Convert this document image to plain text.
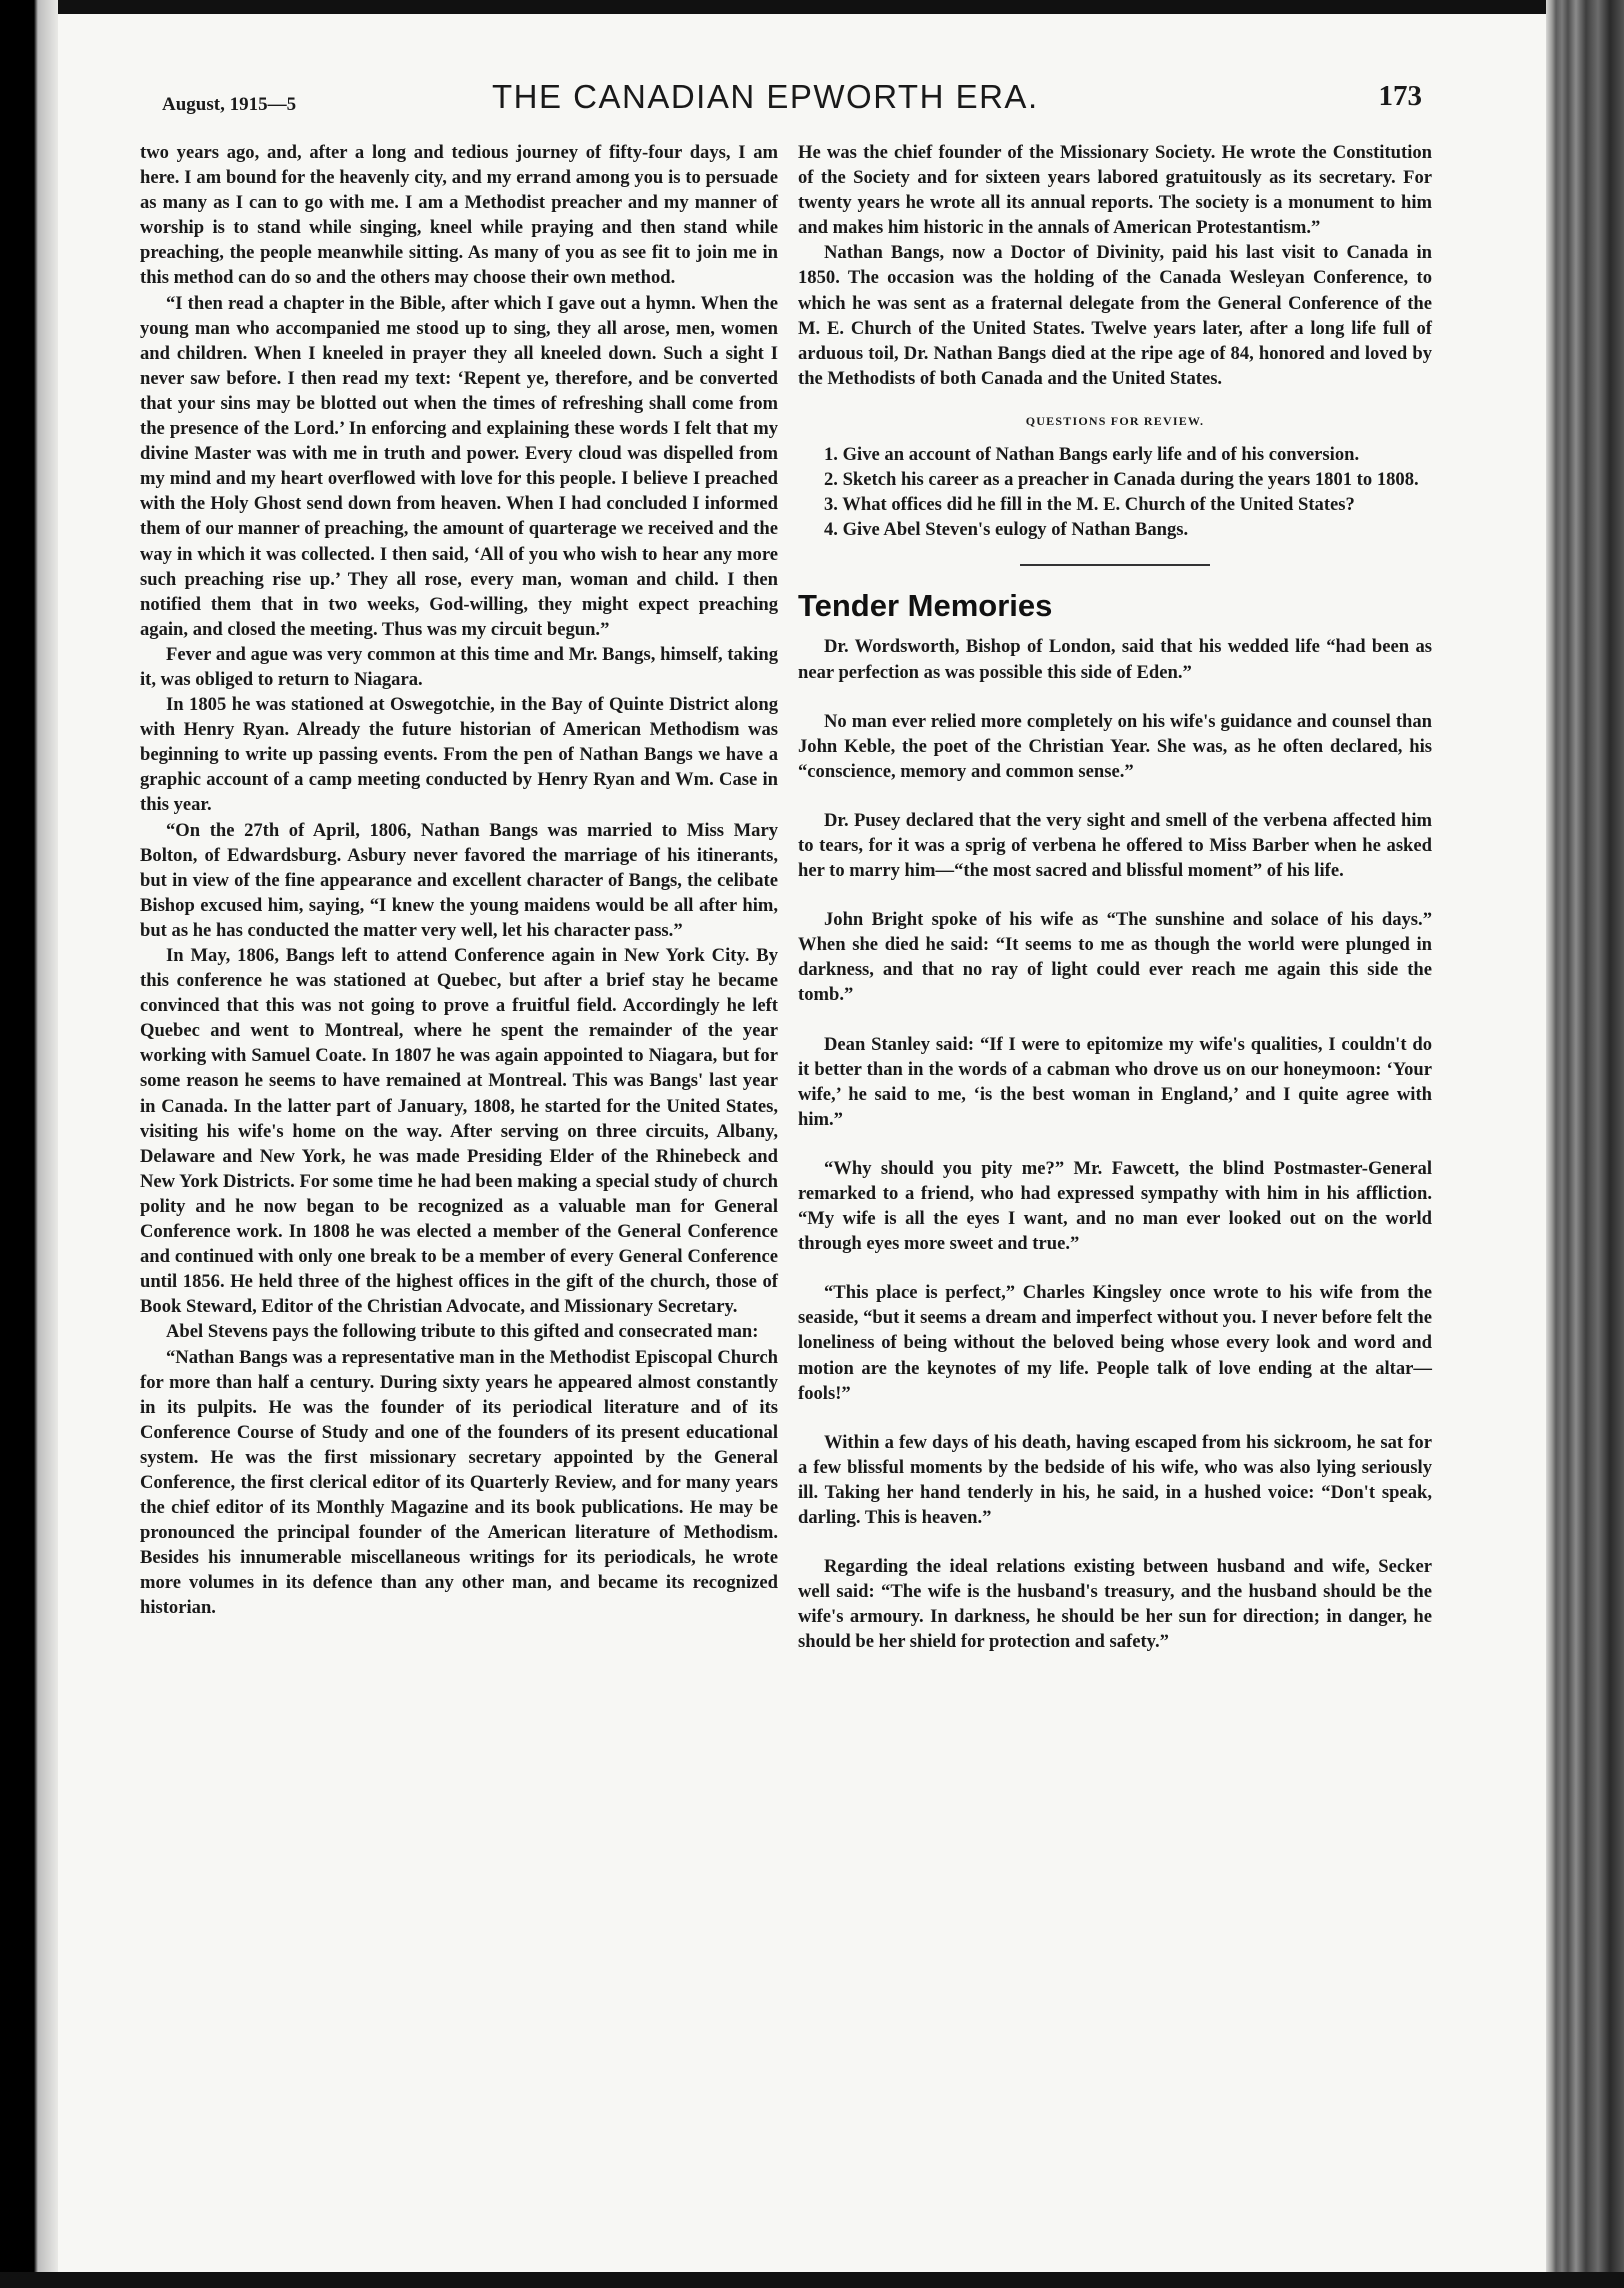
August, 1915—5	THE CANADIAN EPWORTH ERA.	173

two years ago, and, after a long and tedious journey of fifty-four days, I am here. I am bound for the heavenly city, and my errand among you is to persuade as many as I can to go with me. I am a Methodist preacher and my manner of worship is to stand while singing, kneel while praying and then stand while preaching, the people meanwhile sitting. As many of you as see fit to join me in this method can do so and the others may choose their own method.

“I then read a chapter in the Bible, after which I gave out a hymn. When the young man who accompanied me stood up to sing, they all arose, men, women and children. When I kneeled in prayer they all kneeled down. Such a sight I never saw before. I then read my text: ‘Repent ye, therefore, and be converted that your sins may be blotted out when the times of refreshing shall come from the presence of the Lord.’ In enforcing and explaining these words I felt that my divine Master was with me in truth and power. Every cloud was dispelled from my mind and my heart overflowed with love for this people. I believe I preached with the Holy Ghost send down from heaven. When I had concluded I informed them of our manner of preaching, the amount of quarterage we received and the way in which it was collected. I then said, ‘All of you who wish to hear any more such preaching rise up.’ They all rose, every man, woman and child. I then notified them that in two weeks, God-willing, they might expect preaching again, and closed the meeting. Thus was my circuit begun.”

Fever and ague was very common at this time and Mr. Bangs, himself, taking it, was obliged to return to Niagara.

In 1805 he was stationed at Oswegotchie, in the Bay of Quinte District along with Henry Ryan. Already the future historian of American Methodism was beginning to write up passing events. From the pen of Nathan Bangs we have a graphic account of a camp meeting conducted by Henry Ryan and Wm. Case in this year.

“On the 27th of April, 1806, Nathan Bangs was married to Miss Mary Bolton, of Edwardsburg. Asbury never favored the marriage of his itinerants, but in view of the fine appearance and excellent character of Bangs, the celibate Bishop excused him, saying, “I knew the young maidens would be all after him, but as he has conducted the matter very well, let his character pass.”

In May, 1806, Bangs left to attend Conference again in New York City. By this conference he was stationed at Quebec, but after a brief stay he became convinced that this was not going to prove a fruitful field. Accordingly he left Quebec and went to Montreal, where he spent the remainder of the year working with Samuel Coate. In 1807 he was again appointed to Niagara, but for some reason he seems to have remained at Montreal. This was Bangs' last year in Canada. In the latter part of January, 1808, he started for the United States, visiting his wife's home on the way. After serving on three circuits, Albany, Delaware and New York, he was made Presiding Elder of the Rhinebeck and New York Districts. For some time he had been making a special study of church polity and he now began to be recognized as a valuable man for General Conference work. In 1808 he was elected a member of the General Conference and continued with only one break to be a member of every General Conference until 1856. He held three of the highest offices in the gift of the church, those of Book Steward, Editor of the Christian Advocate, and Missionary Secretary.

Abel Stevens pays the following tribute to this gifted and consecrated man:

“Nathan Bangs was a representative man in the Methodist Episcopal Church for more than half a century. During sixty years he appeared almost constantly in its pulpits. He was the founder of its periodical literature and of its Conference Course of Study and one of the founders of its present educational system. He was the first missionary secretary appointed by the General Conference, the first clerical editor of its Quarterly Review, and for many years the chief editor of its Monthly Magazine and its book publications. He may be pronounced the principal founder of the American literature of Methodism. Besides his innumerable miscellaneous writings for its periodicals, he wrote more volumes in its defence than any other man, and became its recognized historian.

He was the chief founder of the Missionary Society. He wrote the Constitution of the Society and for sixteen years labored gratuitously as its secretary. For twenty years he wrote all its annual reports. The society is a monument to him and makes him historic in the annals of American Protestantism.”

Nathan Bangs, now a Doctor of Divinity, paid his last visit to Canada in 1850. The occasion was the holding of the Canada Wesleyan Conference, to which he was sent as a fraternal delegate from the General Conference of the M. E. Church of the United States. Twelve years later, after a long life full of arduous toil, Dr. Nathan Bangs died at the ripe age of 84, honored and loved by the Methodists of both Canada and the United States.

QUESTIONS FOR REVIEW.

1. Give an account of Nathan Bangs early life and of his conversion.

2. Sketch his career as a preacher in Canada during the years 1801 to 1808.

3. What offices did he fill in the M. E. Church of the United States?

4. Give Abel Steven's eulogy of Nathan Bangs.

Tender Memories

Dr. Wordsworth, Bishop of London, said that his wedded life “had been as near perfection as was possible this side of Eden.”

No man ever relied more completely on his wife's guidance and counsel than John Keble, the poet of the Christian Year. She was, as he often declared, his “conscience, memory and common sense.”

Dr. Pusey declared that the very sight and smell of the verbena affected him to tears, for it was a sprig of verbena he offered to Miss Barber when he asked her to marry him—“the most sacred and blissful moment” of his life.

John Bright spoke of his wife as “The sunshine and solace of his days.” When she died he said: “It seems to me as though the world were plunged in darkness, and that no ray of light could ever reach me again this side the tomb.”

Dean Stanley said: “If I were to epitomize my wife's qualities, I couldn't do it better than in the words of a cabman who drove us on our honeymoon: ‘Your wife,’ he said to me, ‘is the best woman in England,’ and I quite agree with him.”

“Why should you pity me?” Mr. Fawcett, the blind Postmaster-General remarked to a friend, who had expressed sympathy with him in his affliction. “My wife is all the eyes I want, and no man ever looked out on the world through eyes more sweet and true.”

“This place is perfect,” Charles Kingsley once wrote to his wife from the seaside, “but it seems a dream and imperfect without you. I never before felt the loneliness of being without the beloved being whose every look and word and motion are the keynotes of my life. People talk of love ending at the altar—fools!”

Within a few days of his death, having escaped from his sickroom, he sat for a few blissful moments by the bedside of his wife, who was also lying seriously ill. Taking her hand tenderly in his, he said, in a hushed voice: “Don't speak, darling. This is heaven.”

Regarding the ideal relations existing between husband and wife, Secker well said: “The wife is the husband's treasury, and the husband should be the wife's armoury. In darkness, he should be her sun for direction; in danger, he should be her shield for protection and safety.”
